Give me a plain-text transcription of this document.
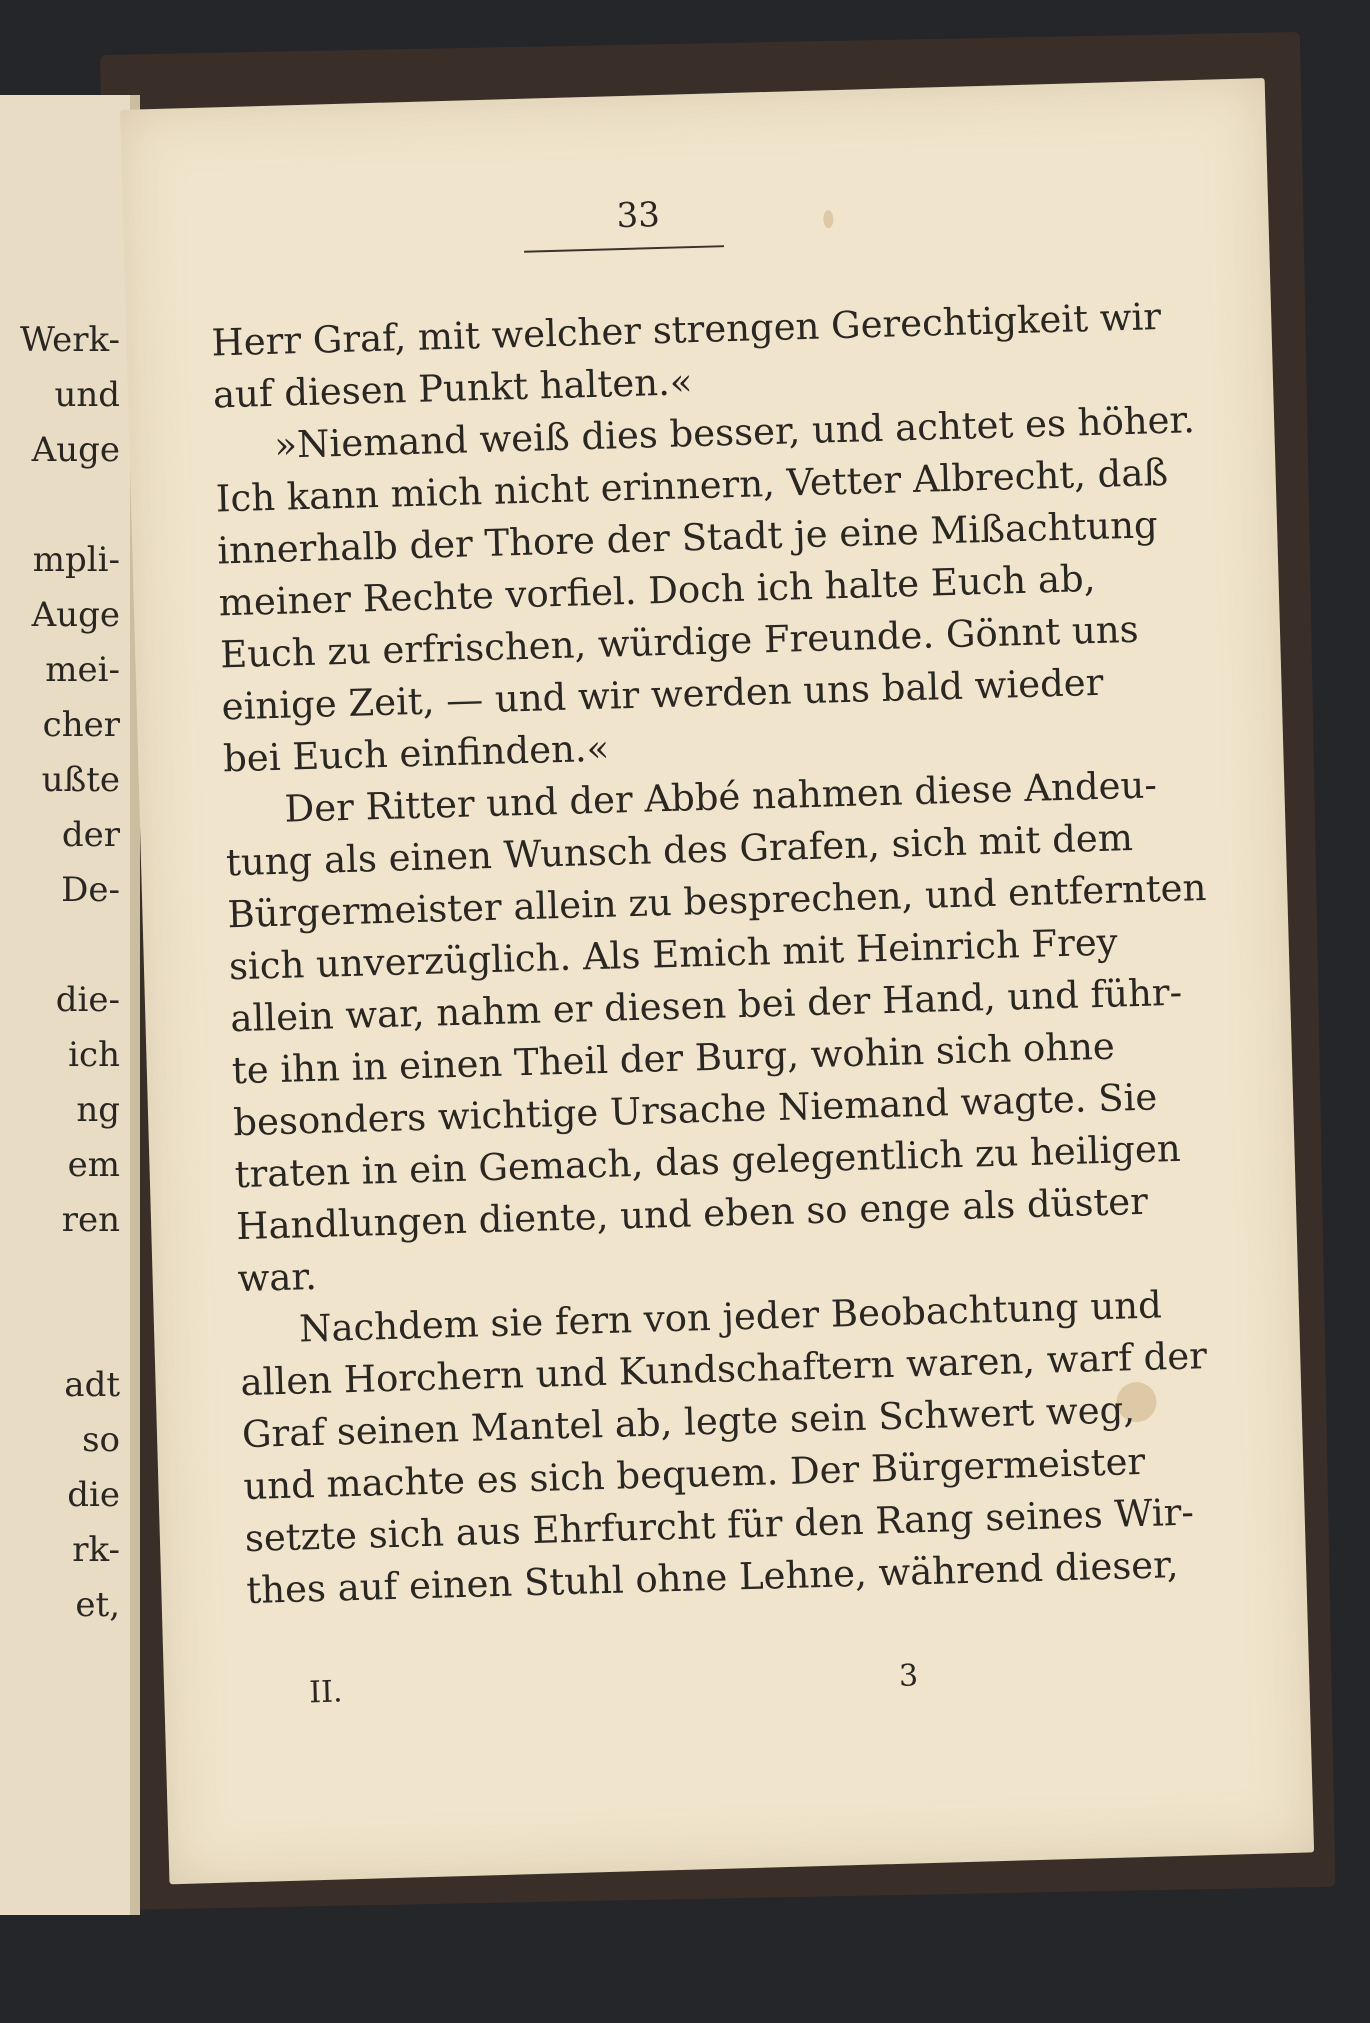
Werk-
und
Auge
mpli-
Auge
mei-
cher
ußte
der
De-
die-
ich
ng
em
ren
adt
so
die
rk-
et,
33
Herr Graf, mit welcher strengen Gerechtigkeit wir
auf diesen Punkt halten.«
»Niemand weiß dies besser, und achtet es höher.
Ich kann mich nicht erinnern, Vetter Albrecht, daß
innerhalb der Thore der Stadt je eine Mißachtung
meiner Rechte vorfiel. Doch ich halte Euch ab,
Euch zu erfrischen, würdige Freunde. Gönnt uns
einige Zeit, — und wir werden uns bald wieder
bei Euch einfinden.«
Der Ritter und der Abbé nahmen diese Andeu-
tung als einen Wunsch des Grafen, sich mit dem
Bürgermeister allein zu besprechen, und entfernten
sich unverzüglich. Als Emich mit Heinrich Frey
allein war, nahm er diesen bei der Hand, und führ-
te ihn in einen Theil der Burg, wohin sich ohne
besonders wichtige Ursache Niemand wagte. Sie
traten in ein Gemach, das gelegentlich zu heiligen
Handlungen diente, und eben so enge als düster
war.
Nachdem sie fern von jeder Beobachtung und
allen Horchern und Kundschaftern waren, warf der
Graf seinen Mantel ab, legte sein Schwert weg,
und machte es sich bequem. Der Bürgermeister
setzte sich aus Ehrfurcht für den Rang seines Wir-
thes auf einen Stuhl ohne Lehne, während dieser,
II.	3
